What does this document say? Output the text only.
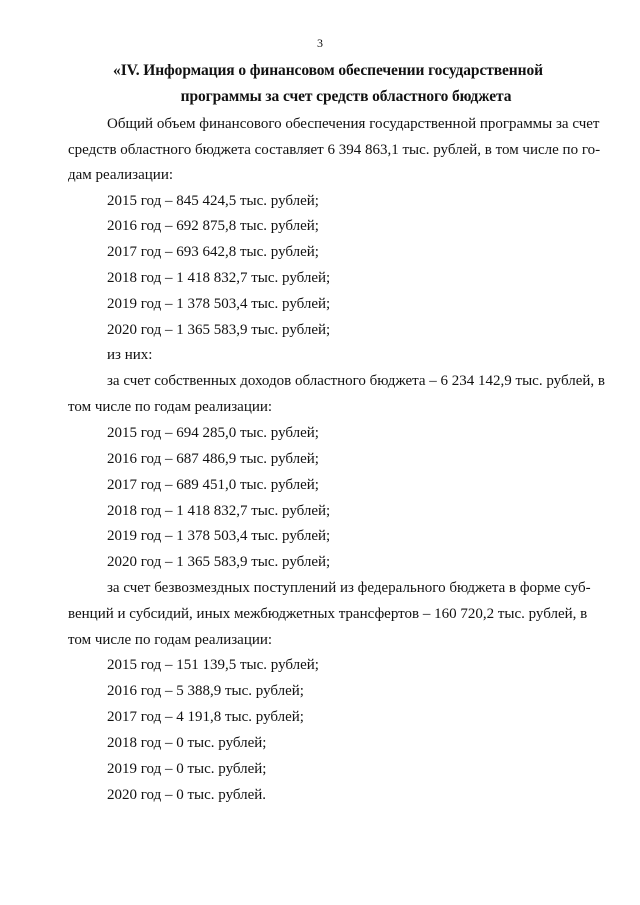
3
«IV. Информация о финансовом обеспечении государственной
программы за счет средств областного бюджета
Общий объем финансового обеспечения государственной программы за счет
средств областного бюджета составляет 6 394 863,1 тыс. рублей, в том числе по го-
дам реализации:
2015 год – 845 424,5 тыс. рублей;
2016 год – 692 875,8 тыс. рублей;
2017 год – 693 642,8 тыс. рублей;
2018 год – 1 418 832,7 тыс. рублей;
2019 год – 1 378 503,4 тыс. рублей;
2020 год – 1 365 583,9 тыс. рублей;
из них:
за счет собственных доходов областного бюджета – 6 234 142,9 тыс. рублей, в
том числе по годам реализации:
2015 год – 694 285,0 тыс. рублей;
2016 год – 687 486,9 тыс. рублей;
2017 год – 689 451,0 тыс. рублей;
2018 год – 1 418 832,7 тыс. рублей;
2019 год – 1 378 503,4 тыс. рублей;
2020 год – 1 365 583,9 тыс. рублей;
за счет безвозмездных поступлений из федерального бюджета в форме суб-
венций и субсидий, иных межбюджетных трансфертов – 160 720,2 тыс. рублей, в
том числе по годам реализации:
2015 год – 151 139,5 тыс. рублей;
2016 год – 5 388,9 тыс. рублей;
2017 год – 4 191,8 тыс. рублей;
2018 год – 0 тыс. рублей;
2019 год – 0 тыс. рублей;
2020 год – 0 тыс. рублей.
